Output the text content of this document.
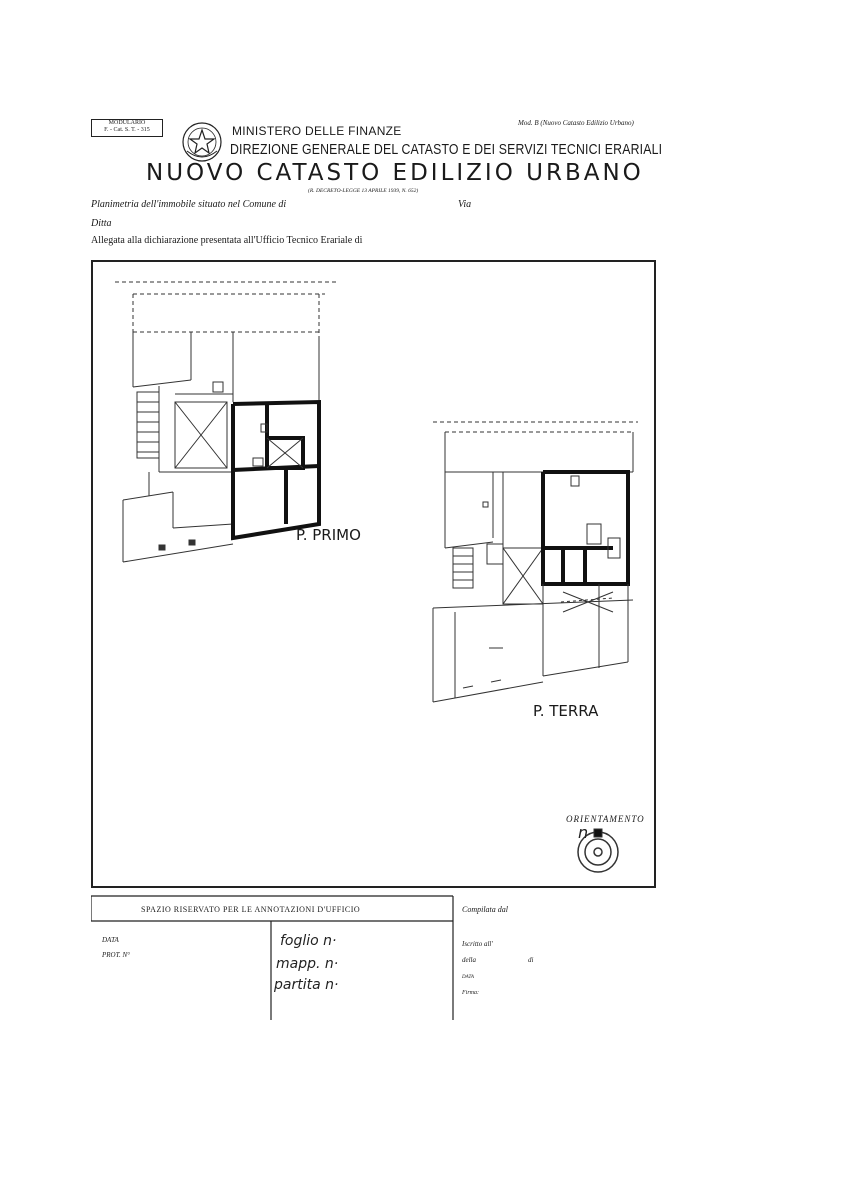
MODULARIO
F. - Cat. S. T. - 315
Mod. B (Nuovo Catasto Edilizio Urbano)
MINISTERO DELLE FINANZE
DIREZIONE GENERALE DEL CATASTO E DEI SERVIZI TECNICI ERARIALI
NUOVO CATASTO EDILIZIO URBANO
(R. DECRETO-LEGGE 13 APRILE 1939, N. 652)
Planimetria dell'immobile situato nel Comune di	Via
Ditta
Allegata alla dichiarazione presentata all'Ufficio Tecnico Erariale di
P. PRIMO
P. TERRA
ORIENTAMENTO
n
SPAZIO RISERVATO PER LE ANNOTAZIONI D'UFFICIO
DATA
PROT. N°
foglio n·
mapp. n·
partita n·
Compilata dal
Iscritto all'
della	di
DATA
Firma:
